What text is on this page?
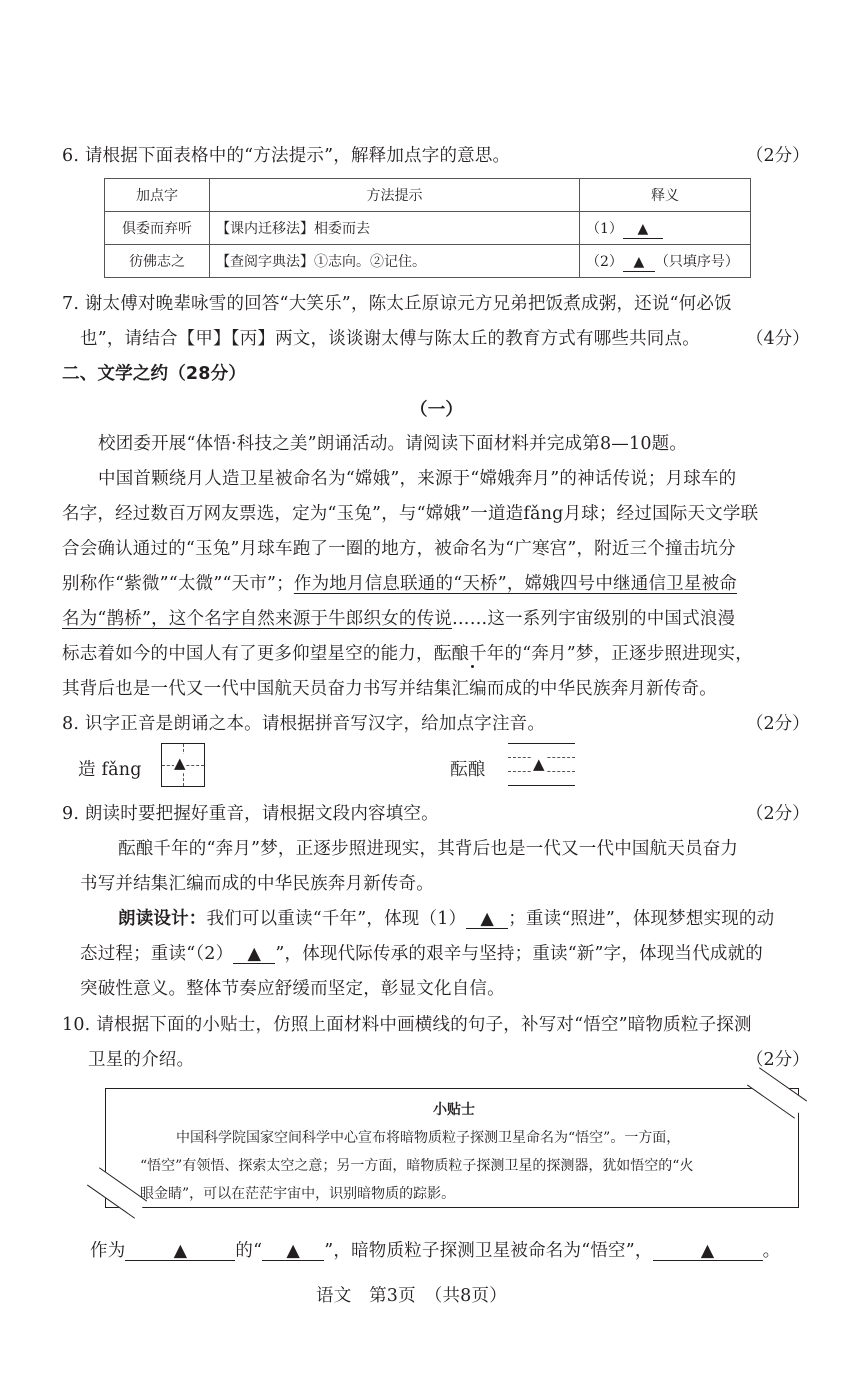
6. 请根据下面表格中的“方法提示”，解释加点字的意思。	（2分）
加点字	方法提示	释义
俱委而弃听	【课内迁移法】相委而去	（1） ▲
彷佛志之	【查阅字典法】①志向。②记住。	（2） ▲ （只填序号）
7. 谢太傅对晚辈咏雪的回答“大笑乐”，陈太丘原谅元方兄弟把饭煮成粥，还说“何必饭
也”，请结合【甲】【丙】两文，谈谈谢太傅与陈太丘的教育方式有哪些共同点。	（4分）
二、文学之约（28分）
（一）
校团委开展“体悟·科技之美”朗诵活动。请阅读下面材料并完成第8—10题。
中国首颗绕月人造卫星被命名为“嫦娥”，来源于“嫦娥奔月”的神话传说；月球车的
名字，经过数百万网友票选，定为“玉兔”，与“嫦娥”一道造fǎng月球；经过国际天文学联
合会确认通过的“玉兔”月球车跑了一圈的地方，被命名为“广寒宫”，附近三个撞击坑分
别称作“紫微”“太微”“天市”；作为地月信息联通的“天桥”，嫦娥四号中继通信卫星被命
名为“鹊桥”，这个名字自然来源于牛郎织女的传说……这一系列宇宙级别的中国式浪漫
标志着如今的中国人有了更多仰望星空的能力，酝酿千年的“奔月”梦，正逐步照进现实，
其背后也是一代又一代中国航天员奋力书写并结集汇编而成的中华民族奔月新传奇。
8. 识字正音是朗诵之本。请根据拼音写汉字，给加点字注音。	（2分）
造 fǎng ▲	酝酿	▲
9. 朗读时要把握好重音，请根据文段内容填空。	（2分）
酝酿千年的“奔月”梦，正逐步照进现实，其背后也是一代又一代中国航天员奋力
书写并结集汇编而成的中华民族奔月新传奇。
朗读设计：我们可以重读“千年”，体现（1） ▲ ；重读“照进”，体现梦想实现的动
态过程；重读“（2） ▲ ”，体现代际传承的艰辛与坚持；重读“新”字，体现当代成就的
突破性意义。整体节奏应舒缓而坚定，彰显文化自信。
10. 请根据下面的小贴士，仿照上面材料中画横线的句子，补写对“悟空”暗物质粒子探测
卫星的介绍。	（2分）
小贴士
中国科学院国家空间科学中心宣布将暗物质粒子探测卫星命名为“悟空”。一方面，
“悟空”有领悟、探索太空之意；另一方面，暗物质粒子探测卫星的探测器，犹如悟空的“火
眼金睛”，可以在茫茫宇宙中，识别暗物质的踪影。
作为	▲	的“ ▲ ”，暗物质粒子探测卫星被命名为“悟空”，	▲	。
语文　第3页　（共8页）
